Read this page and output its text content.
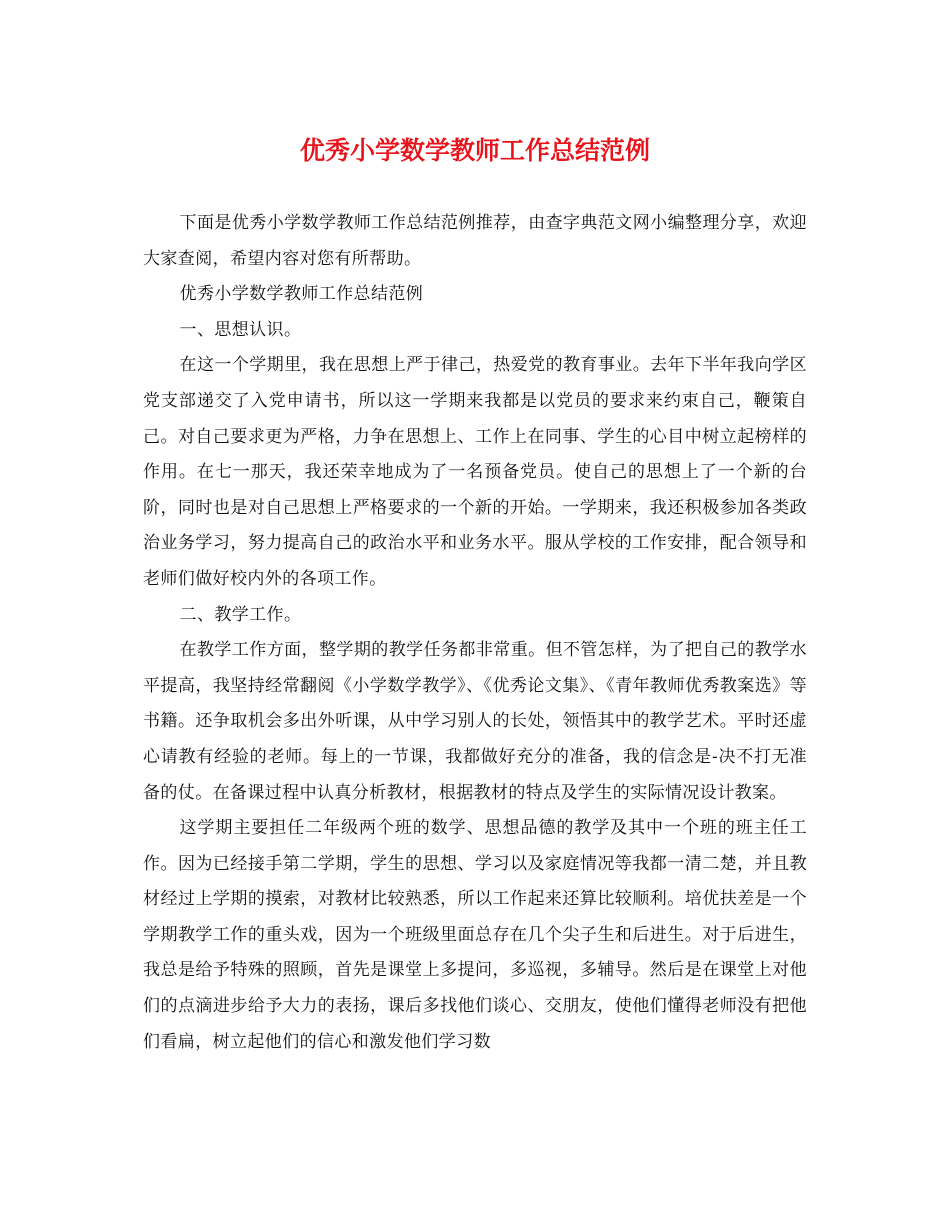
优秀小学数学教师工作总结范例

下面是优秀小学数学教师工作总结范例推荐，由查字典范文网小编整理分享，欢迎大家查阅，希望内容对您有所帮助。

优秀小学数学教师工作总结范例

一、思想认识。

在这一个学期里，我在思想上严于律己，热爱党的教育事业。去年下半年我向学区党支部递交了入党申请书，所以这一学期来我都是以党员的要求来约束自己，鞭策自己。对自己要求更为严格，力争在思想上、工作上在同事、学生的心目中树立起榜样的作用。在七一那天，我还荣幸地成为了一名预备党员。使自己的思想上了一个新的台阶，同时也是对自己思想上严格要求的一个新的开始。一学期来，我还积极参加各类政治业务学习，努力提高自己的政治水平和业务水平。服从学校的工作安排，配合领导和老师们做好校内外的各项工作。

二、教学工作。

在教学工作方面，整学期的教学任务都非常重。但不管怎样，为了把自己的教学水平提高，我坚持经常翻阅《小学数学教学》、《优秀论文集》、《青年教师优秀教案选》等书籍。还争取机会多出外听课，从中学习别人的长处，领悟其中的教学艺术。平时还虚心请教有经验的老师。每上的一节课，我都做好充分的准备，我的信念是-决不打无准备的仗。在备课过程中认真分析教材，根据教材的特点及学生的实际情况设计教案。

这学期主要担任二年级两个班的数学、思想品德的教学及其中一个班的班主任工作。因为已经接手第二学期，学生的思想、学习以及家庭情况等我都一清二楚，并且教材经过上学期的摸索，对教材比较熟悉，所以工作起来还算比较顺利。培优扶差是一个学期教学工作的重头戏，因为一个班级里面总存在几个尖子生和后进生。对于后进生，我总是给予特殊的照顾，首先是课堂上多提问，多巡视，多辅导。然后是在课堂上对他们的点滴进步给予大力的表扬，课后多找他们谈心、交朋友，使他们懂得老师没有把他们看扁，树立起他们的信心和激发他们学习数
